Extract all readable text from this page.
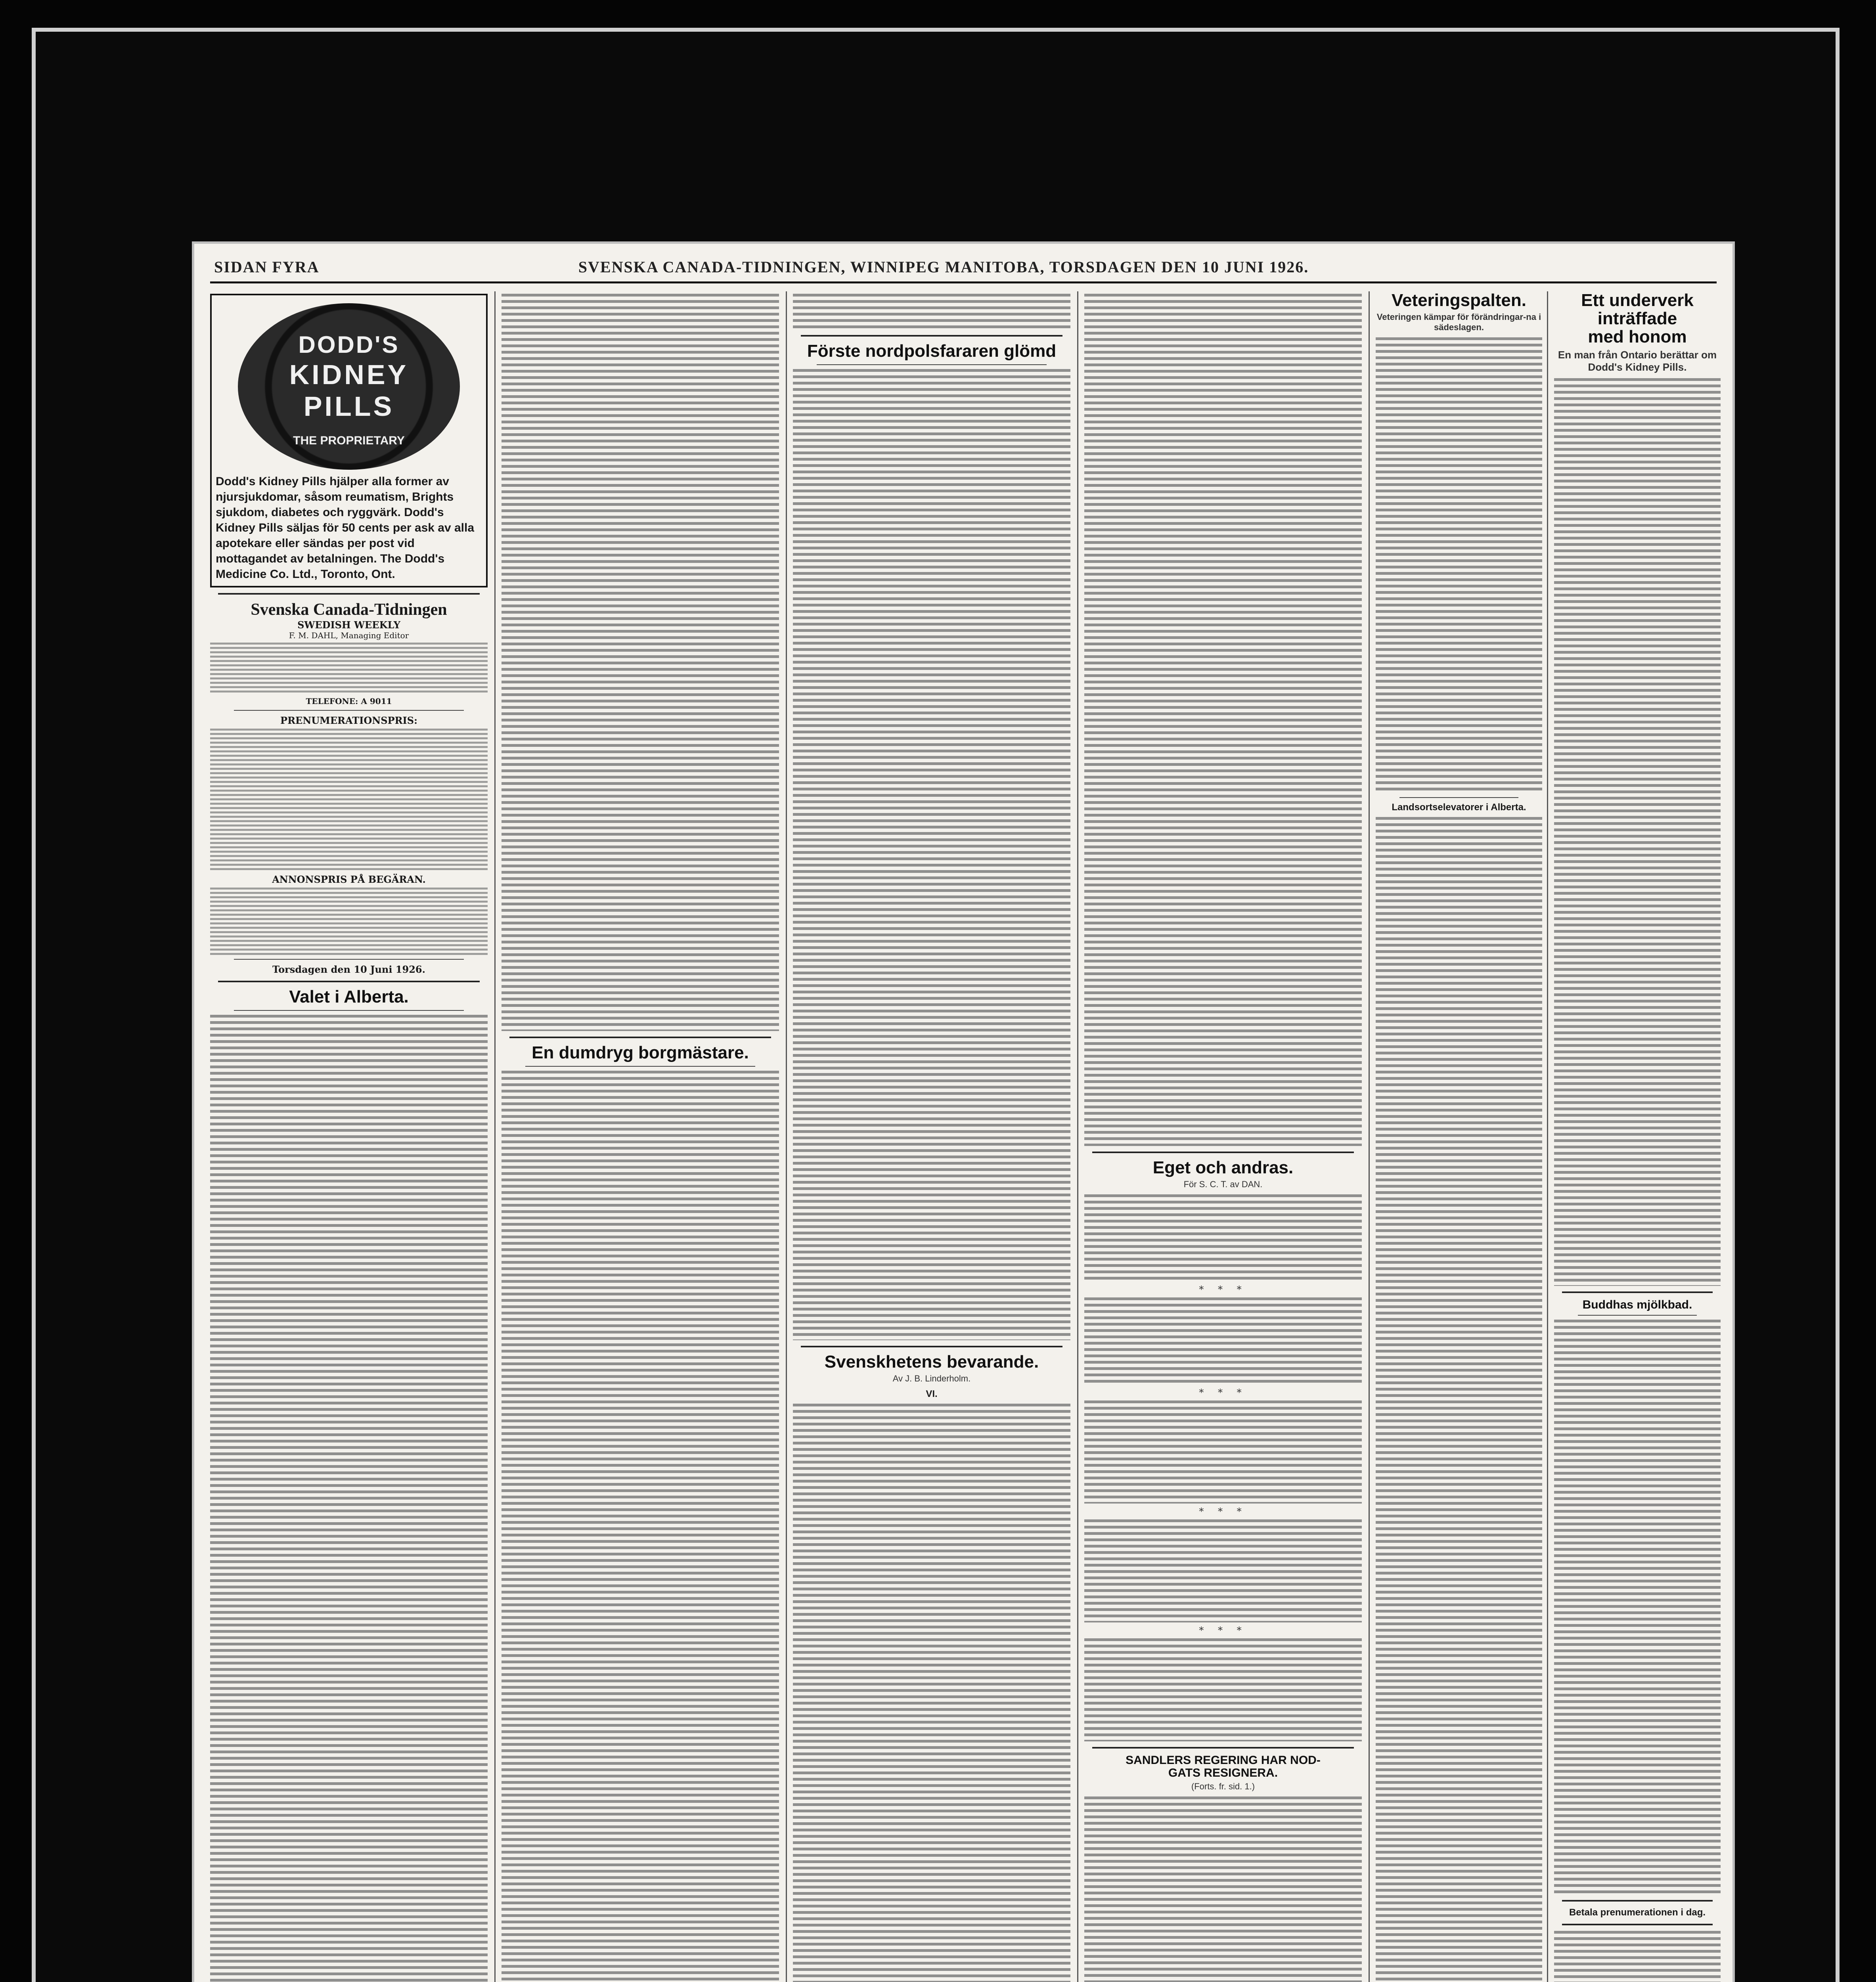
SIDAN FYRA	SVENSKA CANADA-TIDNINGEN, WINNIPEG MANITOBA, TORSDAGEN DEN 10 JUNI 1926.
DODD'S
KIDNEY
PILLS
THE PROPRIETARY
Dodd's Kidney Pills hjälper alla former av njursjukdomar, såsom reumatism, Brights sjukdom, diabetes och ryggvärk. Dodd's Kidney Pills säljas för 50 cents per ask av alla apotekare eller sändas per post vid mottagandet av betalningen. The Dodd's Medicine Co. Ltd., Toronto, Ont.
Svenska Canada-Tidningen
SWEDISH WEEKLY
F. M. DAHL, Managing Editor
TELEFONE: A 9011
PRENUMERATIONSPRIS:
ANNONSPRIS PÅ BEGÄRAN.
Torsdagen den 10 Juni 1926.
Valet i Alberta.
En dumdryg borgmästare.
Förste nordpolsfararen glömd
Svenskhetens bevarande.
Av J. B. Linderholm.
VI.
Eget och andras.
För S. C. T. av DAN.
* * *
* * *
* * *
* * *
SANDLERS REGERING HAR NOD-
GATS RESIGNERA.
(Forts. fr. sid. 1.)
Veteringspalten.
Veteringen kämpar för förändringar-na i sädeslagen.
Landsortselevatorer i Alberta.
Ett underverk
inträffade
med honom
En man från Ontario berättar om Dodd's Kidney Pills.
Buddhas mjölkbad.
Betala prenumerationen i dag.
